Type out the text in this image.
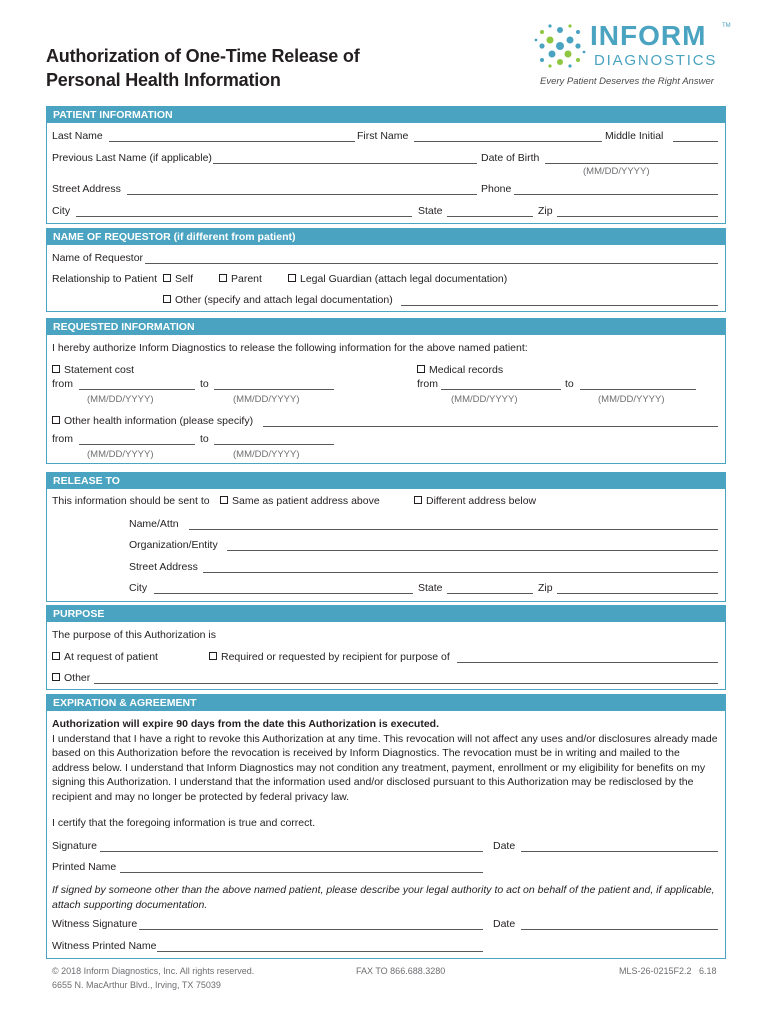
Authorization of One-Time Release of
Personal Health Information
INFORM	TM
DIAGNOSTICS
Every Patient Deserves the Right Answer
PATIENT INFORMATION
Last Name	First Name	Middle Initial
Previous Last Name (if applicable)	Date of Birth
(MM/DD/YYYY)
Street Address	Phone
City	State	Zip
NAME OF REQUESTOR (if different from patient)
Name of Requestor
Relationship to Patient	Self	Parent	Legal Guardian (attach legal documentation)
Other (specify and attach legal documentation)
REQUESTED INFORMATION
I hereby authorize Inform Diagnostics to release the following information for the above named patient:
Statement cost
from	to
(MM/DD/YYYY)	(MM/DD/YYYY)
Medical records
from	to
(MM/DD/YYYY)	(MM/DD/YYYY)
Other health information (please specify)
from	to
(MM/DD/YYYY)	(MM/DD/YYYY)
RELEASE TO
This information should be sent to	Same as patient address above	Different address below
Name/Attn
Organization/Entity
Street Address
City	State	Zip
PURPOSE
The purpose of this Authorization is
At request of patient	Required or requested by recipient for purpose of
Other
EXPIRATION & AGREEMENT
Authorization will expire 90 days from the date this Authorization is executed.
I understand that I have a right to revoke this Authorization at any time. This revocation will not affect any uses and/or disclosures already made based on this Authorization before the revocation is received by Inform Diagnostics. The revocation must be in writing and mailed to the address below. I understand that Inform Diagnostics may not condition any treatment, payment, enrollment or my eligibility for benefits on my signing this Authorization. I understand that the information used and/or disclosed pursuant to this Authorization may be redisclosed by the recipient and may no longer be protected by federal privacy law.
I certify that the foregoing information is true and correct.
Signature	Date
Printed Name
If signed by someone other than the above named patient, please describe your legal authority to act on behalf of the patient and, if applicable, attach supporting documentation.
Witness Signature	Date
Witness Printed Name
© 2018 Inform Diagnostics, Inc. All rights reserved.
6655 N. MacArthur Blvd., Irving, TX 75039
FAX TO 866.688.3280	MLS-26-0215F2.2   6.18
